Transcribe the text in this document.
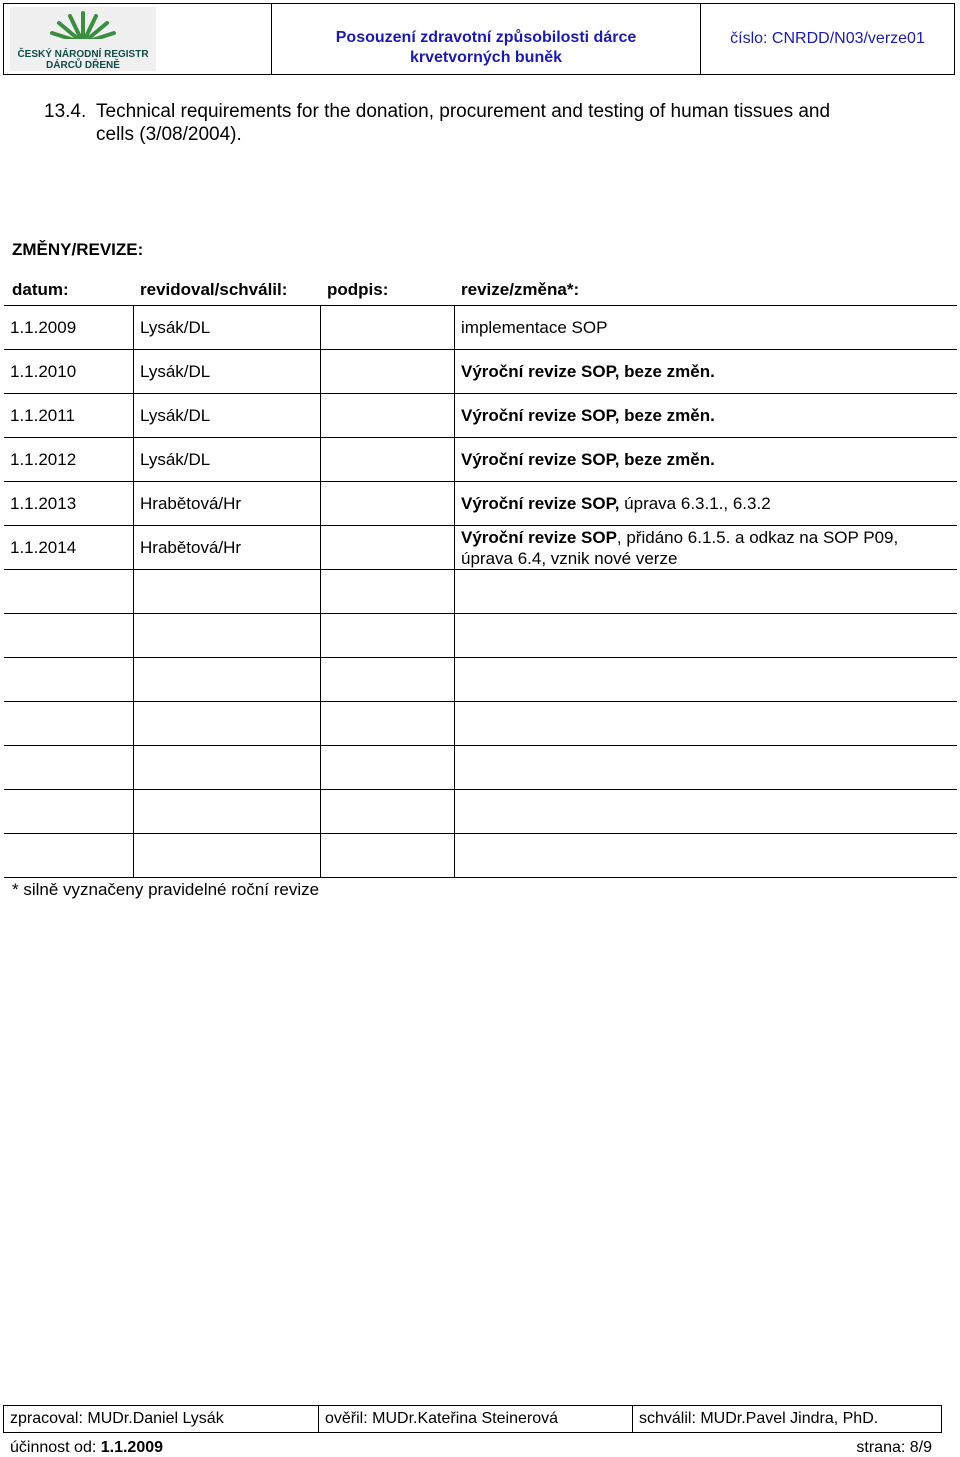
ČESKÝ NÁRODNÍ REGISTR
DÁRCŮ DŘENĚ
Posouzení zdravotní způsobilosti dárce
krvetvorných buněk
číslo: CNRDD/N03/verze01
13.4. Technical requirements for the donation, procurement and testing of human tissues and
cells (3/08/2004).
ZMĚNY/REVIZE:
datum:	revidoval/schválil: podpis:	revize/změna*:
1.1.2009	Lysák/DL		implementace SOP
1.1.2010	Lysák/DL		Výroční revize SOP, beze změn.
1.1.2011	Lysák/DL		Výroční revize SOP, beze změn.
1.1.2012	Lysák/DL		Výroční revize SOP, beze změn.
1.1.2013	Hrabětová/Hr		Výroční revize SOP, úprava 6.3.1., 6.3.2
1.1.2014	Hrabětová/Hr		Výroční revize SOP, přidáno 6.1.5. a odkaz na SOP P09,
úprava 6.4, vznik nové verze

* silně vyznačeny pravidelné roční revize
zpracoval: MUDr.Daniel Lysák	ověřil: MUDr.Kateřina Steinerová	schválil: MUDr.Pavel Jindra, PhD.
účinnost od: 1.1.2009	strana: 8/9
